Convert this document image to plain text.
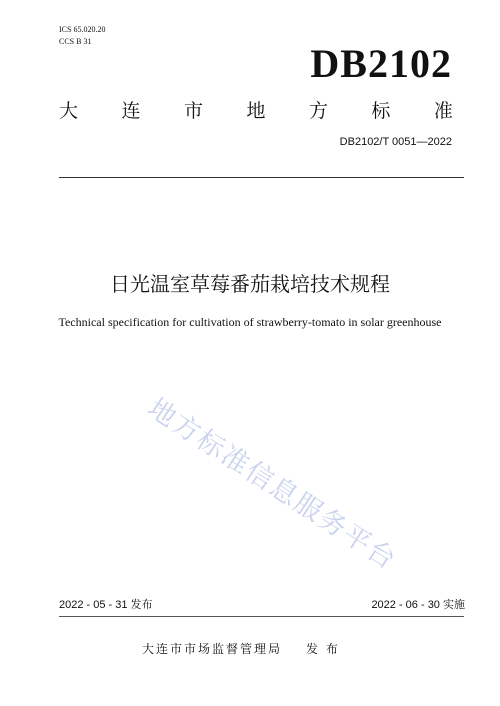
ICS 65.020.20
CCS B 31	DB2102
大 连 市 地 方 标 准
DB2102/T 0051—2022
日光温室草莓番茄栽培技术规程
Technical specification for cultivation of strawberry-tomato in solar greenhouse
地方标准信息服务平台
2022 - 05 - 31 发布	2022 - 06 - 30 实施
大连市市场监督管理局 发 布
